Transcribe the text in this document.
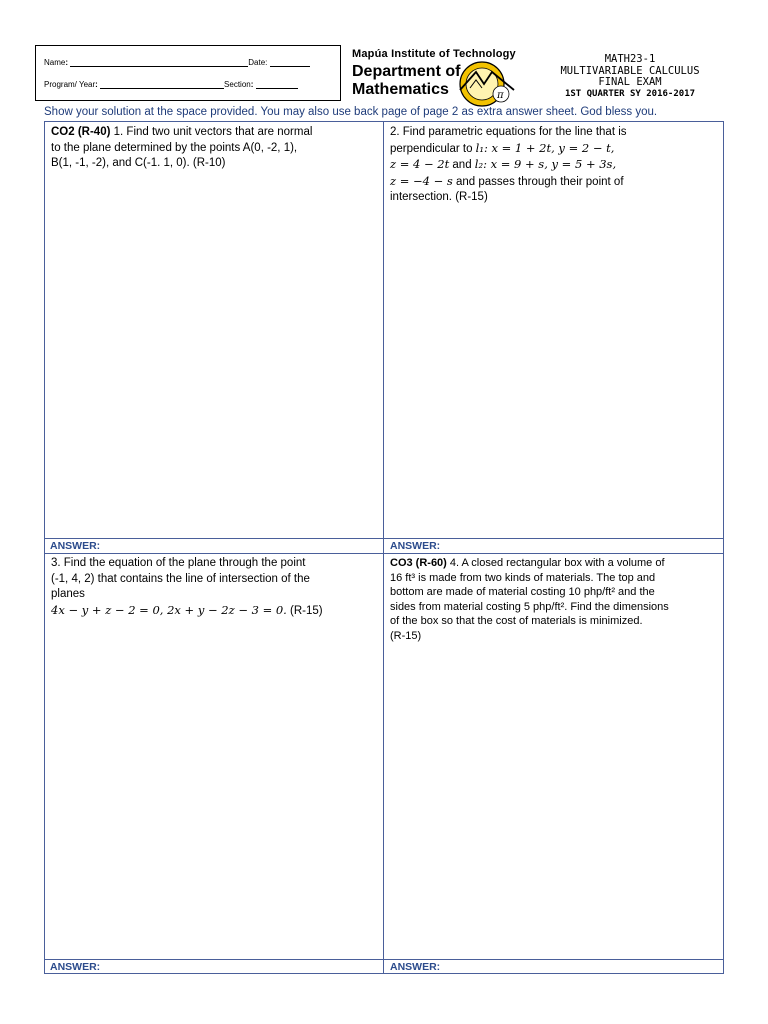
Name:	Date:
Program/ Year:	Section:
Mapúa Institute of Technology
Department of
Mathematics	π
MATH23-1
MULTIVARIABLE CALCULUS
FINAL EXAM
1ST QUARTER SY 2016-2017
Show your solution at the space provided. You may also use back page of page 2 as extra answer sheet. God bless you.
CO2 (R-40) 1. Find two unit vectors that are normal
to the plane determined by the points A(0, -2, 1),
B(1, -1, -2), and C(-1. 1, 0). (R-10)
2. Find parametric equations for the line that is
perpendicular to l₁: x = 1 + 2t, y = 2 − t,
z = 4 − 2t and l₂: x = 9 + s, y = 5 + 3s,
z = −4 − s and passes through their point of
intersection. (R-15)
ANSWER:	ANSWER:
3. Find the equation of the plane through the point
(-1, 4, 2) that contains the line of intersection of the
planes
4x − y + z − 2 = 0, 2x + y − 2z − 3 = 0. (R-15)
CO3 (R-60) 4. A closed rectangular box with a volume of
16 ft³ is made from two kinds of materials. The top and
bottom are made of material costing 10 php/ft² and the
sides from material costing 5 php/ft². Find the dimensions
of the box so that the cost of materials is minimized.
(R-15)
ANSWER:	ANSWER:
